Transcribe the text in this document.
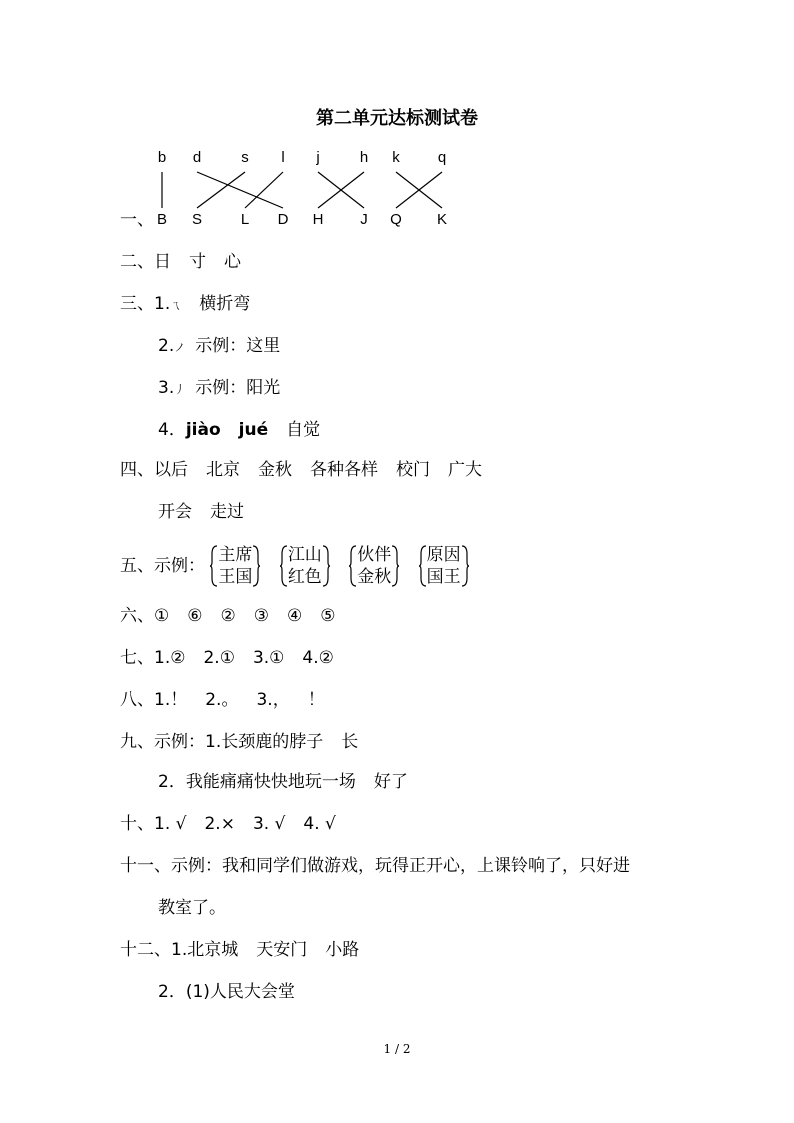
第二单元达标测试卷
b d	s l j	h k	q
B S	L D H J Q K
一、
二、日 寸 心
三、1.ㄟ 横折弯
2.ノ 示例：这里
3.丿 示例：阳光
4．jiào jué 自觉
四、以后 北京 金秋 各种各样 校门 广大
开会 走过
五、示例：
主席
王国

江山
红色

伙伴
金秋

原因
国王
六、① ⑥ ② ③ ④ ⑤
七、1.② 2.① 3.① 4.②
八、1.！ 2.。 3.， ！
九、示例：1.长颈鹿的脖子 长
2．我能痛痛快快地玩一场 好了
十、1. √ 2.× 3. √ 4. √
十一、示例：我和同学们做游戏，玩得正开心，上课铃响了，只好进
教室了。
十二、1.北京城 天安门 小路
2．(1)人民大会堂
1 / 2
